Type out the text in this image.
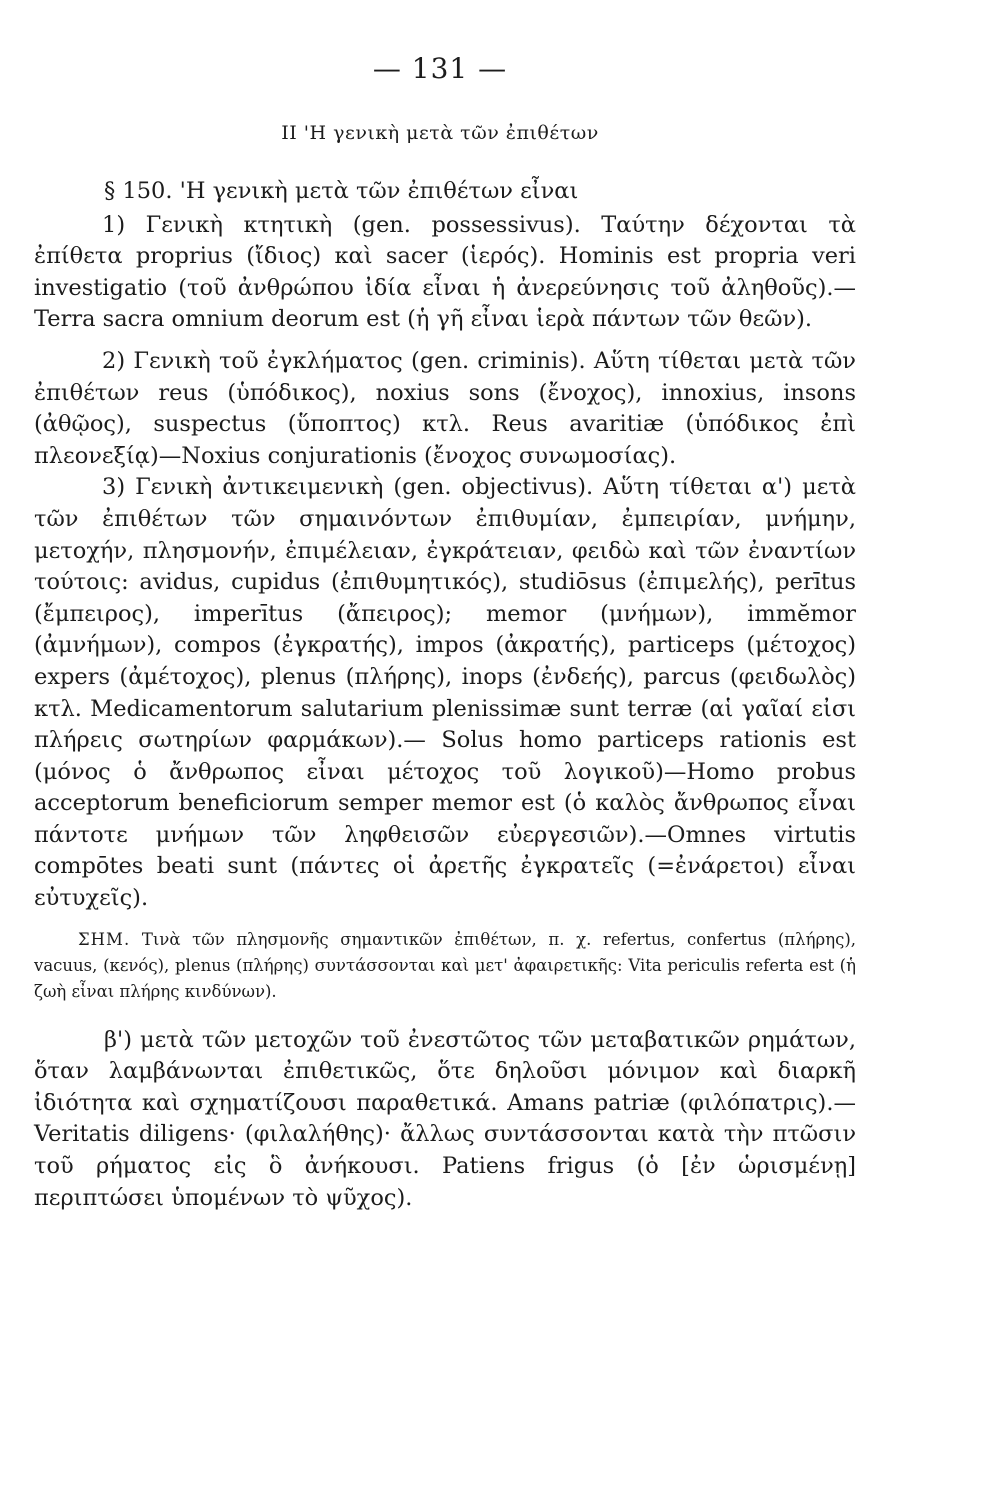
— 131 —
II 'Η γενικὴ μετὰ τῶν ἐπιθέτων

§ 150. 'Η γενικὴ μετὰ τῶν ἐπιθέτων εἶναι

1) Γενικὴ κτητικὴ (gen. possessivus). Ταύτην δέχονται τὰ ἐπίθετα proprius (ἴδιος) καὶ sacer (ἱερός). Hominis est propria veri investigatio (τοῦ ἀνθρώπου ἰδία εἶναι ἡ ἀνερεύνησις τοῦ ἀληθοῦς).—Terra sacra omnium deorum est (ἡ γῆ εἶναι ἱερὰ πάντων τῶν θεῶν).

2) Γενικὴ τοῦ ἐγκλήματος (gen. criminis). Αὕτη τίθεται μετὰ τῶν ἐπιθέτων reus (ὑπόδικος), noxius sons (ἔνοχος), innoxius, insons (ἀθῷος), suspectus (ὕποπτος) κτλ. Reus avaritiæ (ὑπόδικος ἐπὶ πλεονεξίᾳ)—Noxius conjurationis (ἔνοχος συνωμοσίας).

3) Γενικὴ ἀντικειμενικὴ (gen. objectivus). Αὕτη τίθεται α') μετὰ τῶν ἐπιθέτων τῶν σημαινόντων ἐπιθυμίαν, ἐμπειρίαν, μνήμην, μετοχήν, πλησμονήν, ἐπιμέλειαν, ἐγκράτειαν, φειδὼ καὶ τῶν ἐναντίων τούτοις: avidus, cupidus (ἐπιθυμητικός), studiōsus (ἐπιμελής), perītus (ἔμπειρος), imperītus (ἄπειρος); memor (μνήμων), immĕmor (ἀμνήμων), compos (ἐγκρατής), impos (ἀκρατής), particeps (μέτοχος) expers (ἀμέτοχος), plenus (πλήρης), inops (ἐνδεής), parcus (φειδωλὸς) κτλ. Medicamentorum salutarium plenissimæ sunt terræ (αἱ γαῖαί εἰσι πλήρεις σωτηρίων φαρμάκων).— Solus homo particeps rationis est (μόνος ὁ ἄνθρωπος εἶναι μέτοχος τοῦ λογικοῦ)—Homo probus acceptorum beneficiorum semper memor est (ὁ καλὸς ἄνθρωπος εἶναι πάντοτε μνήμων τῶν ληφθεισῶν εὐεργεσιῶν).—Omnes virtutis compōtes beati sunt (πάντες οἱ ἀρετῆς ἐγκρατεῖς (=ἐνάρετοι) εἶναι εὐτυχεῖς).

ΣΗΜ. Τινὰ τῶν πλησμονῆς σημαντικῶν ἐπιθέτων, π. χ. refertus, confertus (πλήρης), vacuus, (κενός), plenus (πλήρης) συντάσσονται καὶ μετ' ἀφαιρετικῆς: Vita periculis referta est (ἡ ζωὴ εἶναι πλήρης κινδύνων).

β') μετὰ τῶν μετοχῶν τοῦ ἐνεστῶτος τῶν μεταβατικῶν ρημάτων, ὅταν λαμβάνωνται ἐπιθετικῶς, ὅτε δηλοῦσι μόνιμον καὶ διαρκῆ ἰδιότητα καὶ σχηματίζουσι παραθετικά. Amans patriæ (φιλόπατρις).— Veritatis diligens· (φιλαλήθης)· ἄλλως συντάσσονται κατὰ τὴν πτῶσιν τοῦ ρήματος εἰς ὃ ἀνήκουσι. Patiens frigus (ὁ [ἐν ὡρισμένῃ] περιπτώσει ὑπομένων τὸ ψῦχος).
